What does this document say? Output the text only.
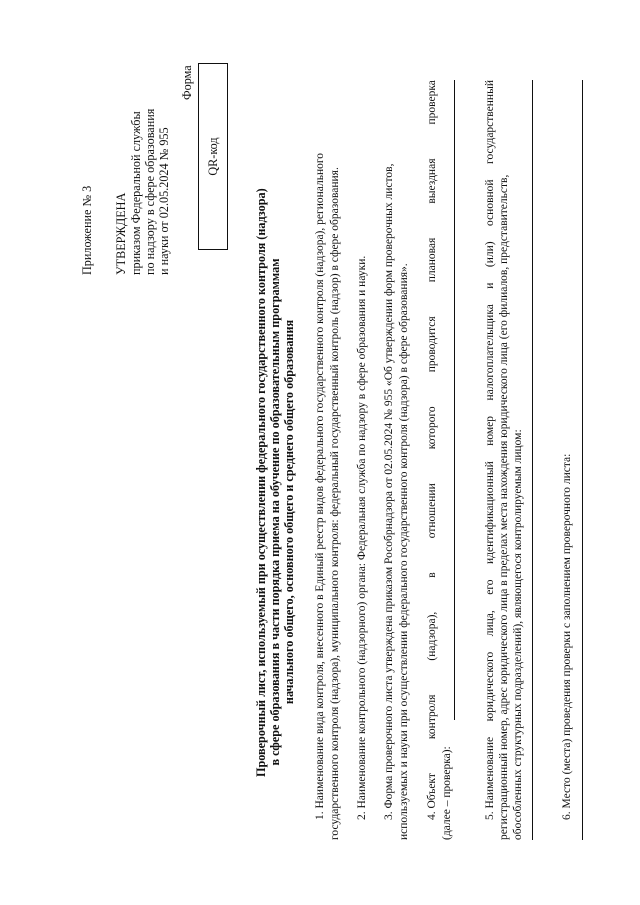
Приложение № 3 УТВЕРЖДЕНА приказом Федеральной службы по надзору в сфере образования и науки от 02.05.2024 № 955
Форма
QR-код
Проверочный лист, используемый при осуществлении федерального государственного контроля (надзора) в сфере образования в части порядка приема на обучение по образовательным программам начального общего, основного общего и среднего общего образования 1. Наименование вида контроля, внесенного в Единый реестр видов федерального государственного контроля (надзора), регионального государственного контроля (надзора), муниципального контроля: федеральный государственный контроль (надзор) в сфере образования. 2. Наименование контрольного (надзорного) органа: Федеральная служба по надзору в сфере образования и науки. 3. Форма проверочного листа утверждена приказом Рособрнадзора от 02.05.2024 № 955 «Об утверждении форм проверочных листов, используемых и науки при осуществлении федерального государственного контроля (надзора) в сфере образования». 4. Объект
контроля
(надзора),
в
отношении
которого
проводится
плановая
выездная
проверка
(далее – проверка):	5. Наименование
юридического
лица,
его
идентификационный
номер
налогоплательщика
и
(или)
основной
государственный
регистрационный номер, адрес юридического лица в пределах места нахождения юридического лица (его филиалов, представительств, обособленных структурных подразделений), являющегося контролируемым лицом:	6. Место (места) проведения проверки с заполнением проверочного листа:
